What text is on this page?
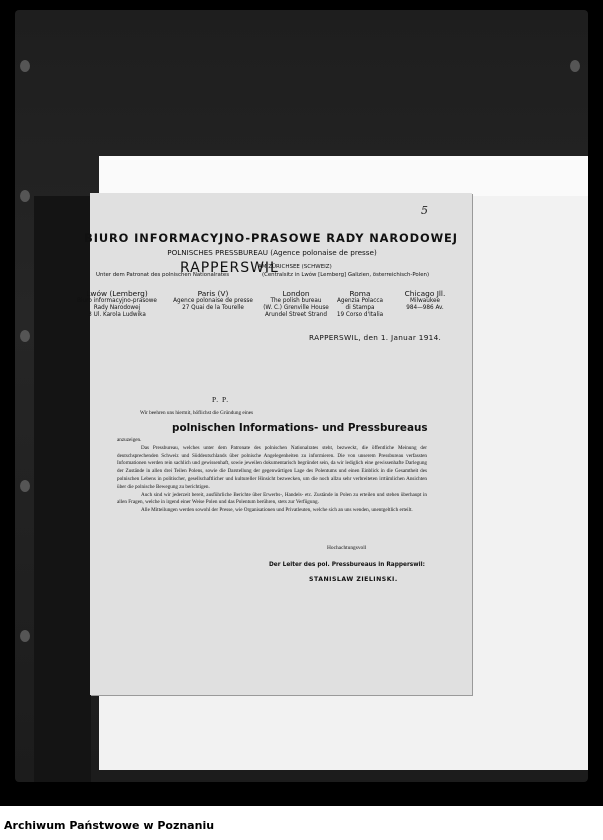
BIURO INFORMACYJNO-PRASOWE RADY NARODOWEJ
POLNISCHES PRESSBUREAU (Agence polonaise de presse)
RAPPERSWIL
AM ZÜRICHSEE (SCHWEIZ)
Unter dem Patronat des polnischen Nationalrates	(Centralsitz in Lwów [Lemberg] Galizien, österreichisch-Polen)
Lwów (Lemberg)
Biuro informacyjno-prasowe
Rady Narodowej
3 Ul. Karola Ludwika
Paris (V)
Agence polonaise de presse
27 Quai de la Tourelle
London
The polish bureau
(W. C.) Grenville House
Arundel Street Strand
Roma
Agenzia Polacca
di Stampa
19 Corso d'Italia
Chicago Jll.
Milwaukee
984—986 Av.
RAPPERSWIL, den 1. Januar 1914.
P. P.
Wir beehren uns hiermit, höflichst die Gründung eines
polnischen Informations- und Pressbureaus

anzuzeigen.

Das Pressbureau, welches unter dem Patronate des polnischen Nationalrates steht, bezweckt, die öffentliche Meinung der deutschsprechenden Schweiz und Süddeutschlands über polnische Angelegenheiten zu informieren. Die von unserem Pressbureau verfassten Informationen werden rein sachlich und gewissenhaft, sowie jeweilen dokumentarisch begründet sein, da wir lediglich eine gewissenhafte Darlegung der Zustände in allen drei Teilen Polens, sowie die Darstellung der gegenwärtigen Lage des Polentums und einen Einblick in die Gesamtheit des polnischen Lebens in politischer, gesellschaftlicher und kultureller Hinsicht bezwecken, um die noch allzu sehr verbreiteten irrtümlichen Ansichten über die polnische Bewegung zu berichtigen.

Auch sind wir jederzeit bereit, ausführliche Berichte über Erwerbs-, Handels- etc. Zustände in Polen zu erteilen und stehen überhaupt in allen Fragen, welche in irgend einer Weise Polen und das Polentum berühren, stets zur Verfügung.

Alle Mitteilungen werden sowohl der Presse, wie Organisationen und Privatleuten, welche sich an uns wenden, unentgeltlich erteilt.

Hochachtungsvoll
Der Leiter des pol. Pressbureaus in Rapperswil:
STANISLAW ZIELINSKI.
5
Archiwum Państwowe w Poznaniu
